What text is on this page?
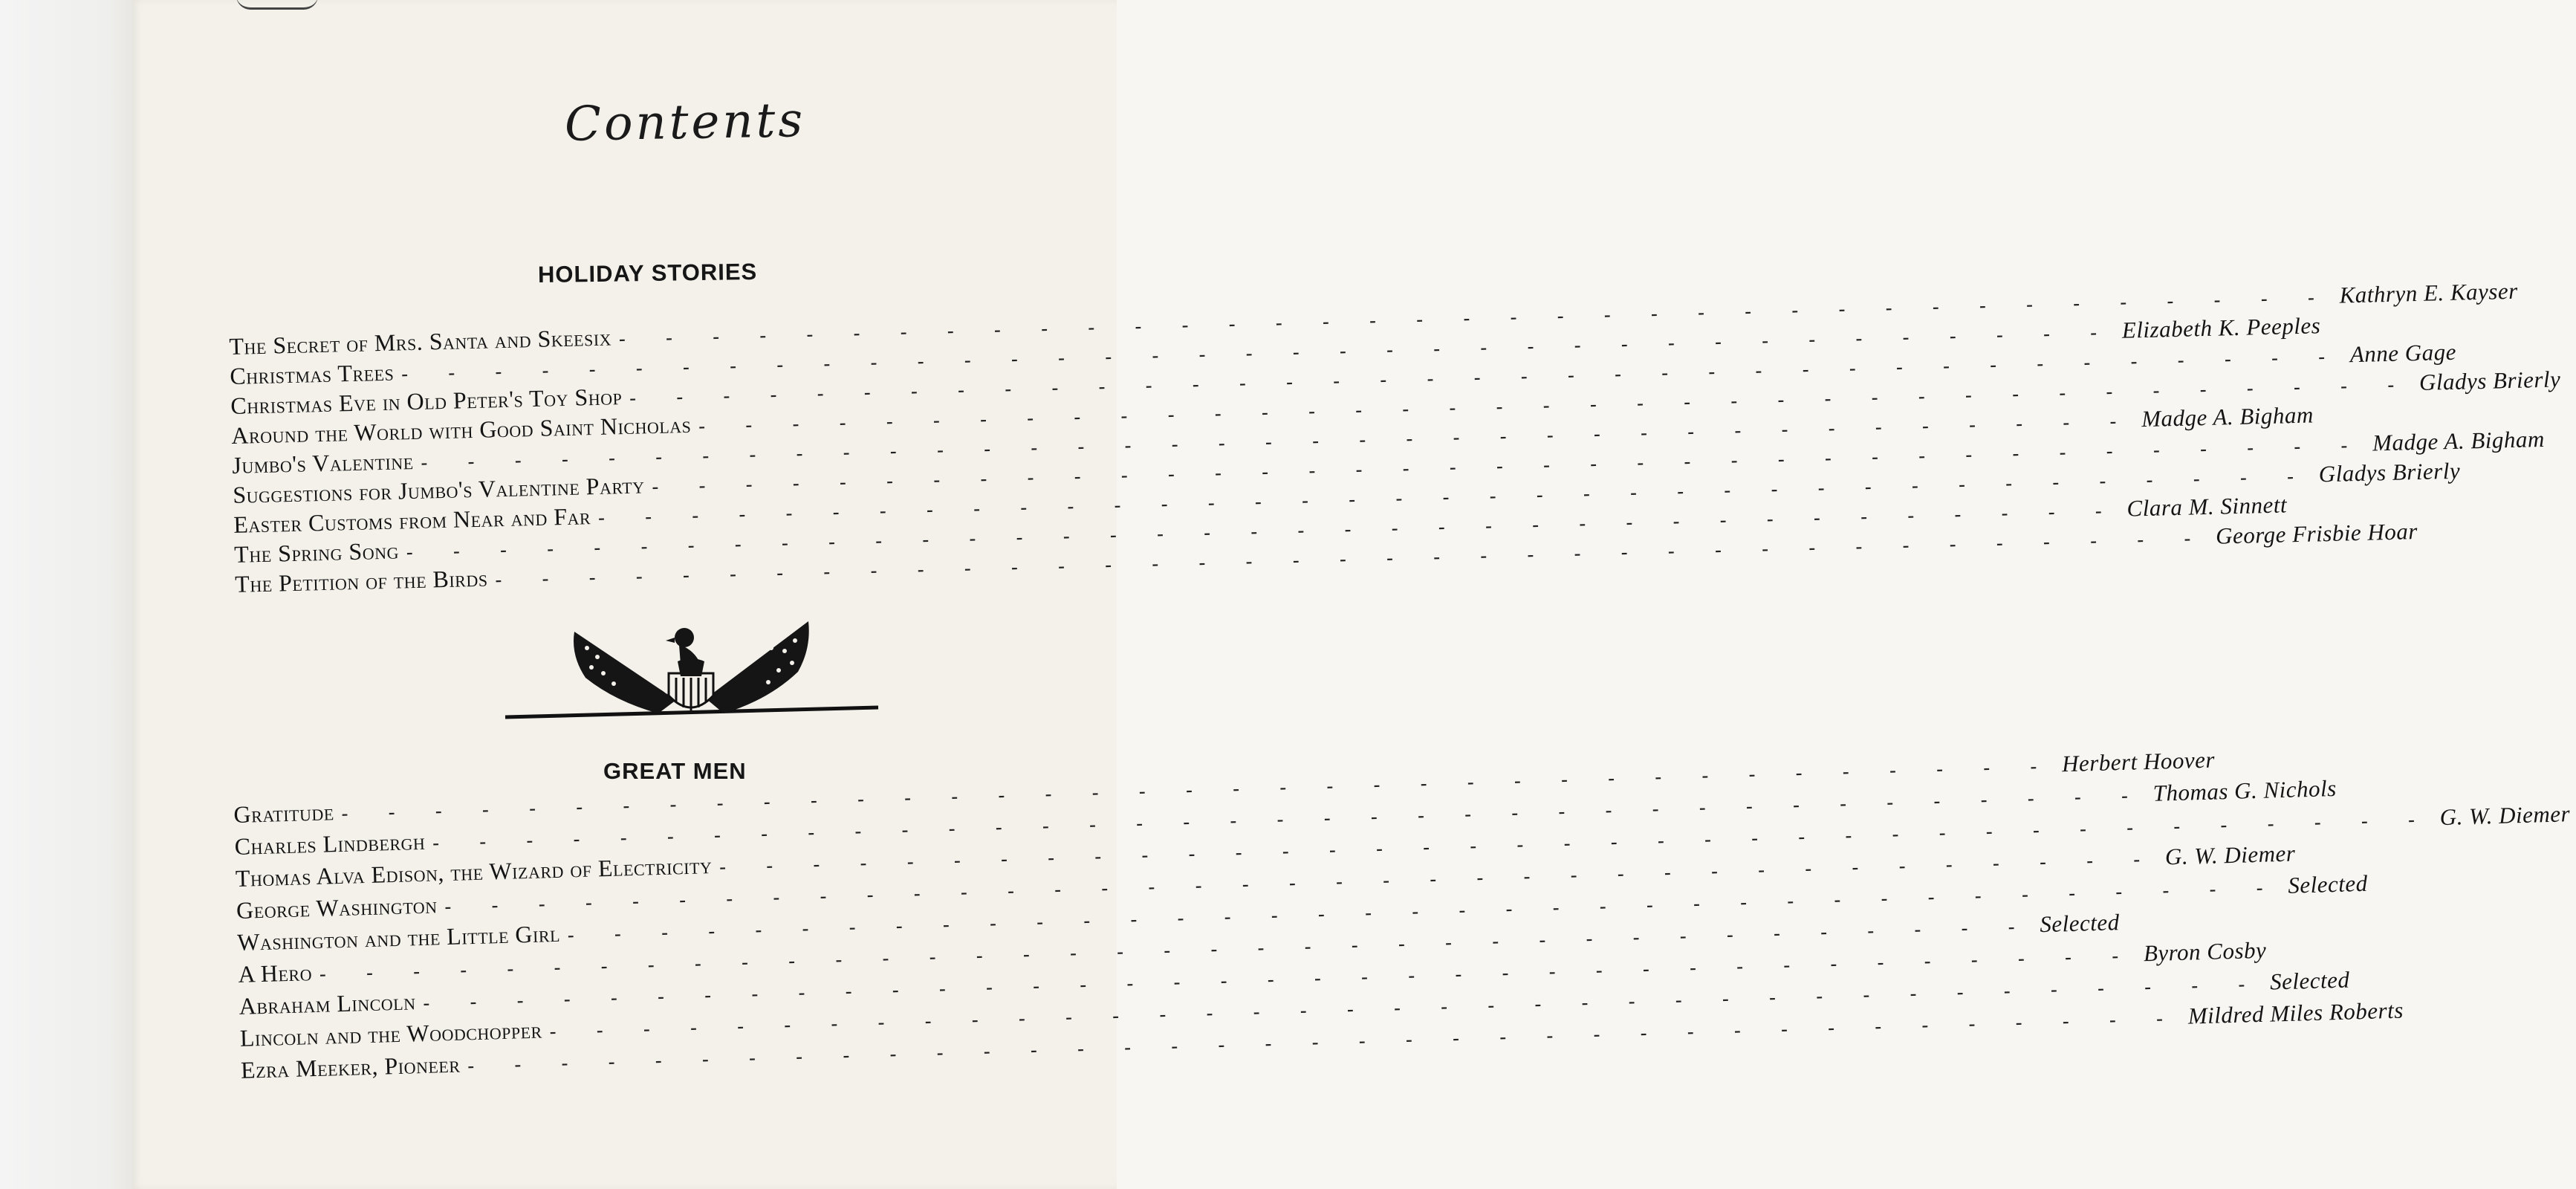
Contents
HOLIDAY STORIES
The Secret of Mrs. Santa and Skeesix
- - -
Kathryn E. Kayser
Christmas Trees
- - -
Elizabeth K. Peeples
Christmas Eve in Old Peter's Toy Shop
- - -
Anne Gage
Around the World with Good Saint Nicholas
- - -
Gladys Brierly
Jumbo's Valentine
- - -
Madge A. Bigham
Suggestions for Jumbo's Valentine Party
- - -
Madge A. Bigham
Easter Customs from Near and Far
- - -
Gladys Brierly
The Spring Song
- - -
Clara M. Sinnett
The Petition of the Birds
- - -
George Frisbie Hoar
GREAT MEN
Gratitude
- - -
Herbert Hoover
Charles Lindbergh
- - -
Thomas G. Nichols
Thomas Alva Edison, the Wizard of Electricity
- - -
G. W. Diemer
George Washington
- - -
G. W. Diemer
Washington and the Little Girl
- - -
Selected
A Hero
- - -
Selected
Abraham Lincoln
- - -
Byron Cosby
Lincoln and the Woodchopper
- - -
Selected
Ezra Meeker, Pioneer
- - -
Mildred Miles Roberts
